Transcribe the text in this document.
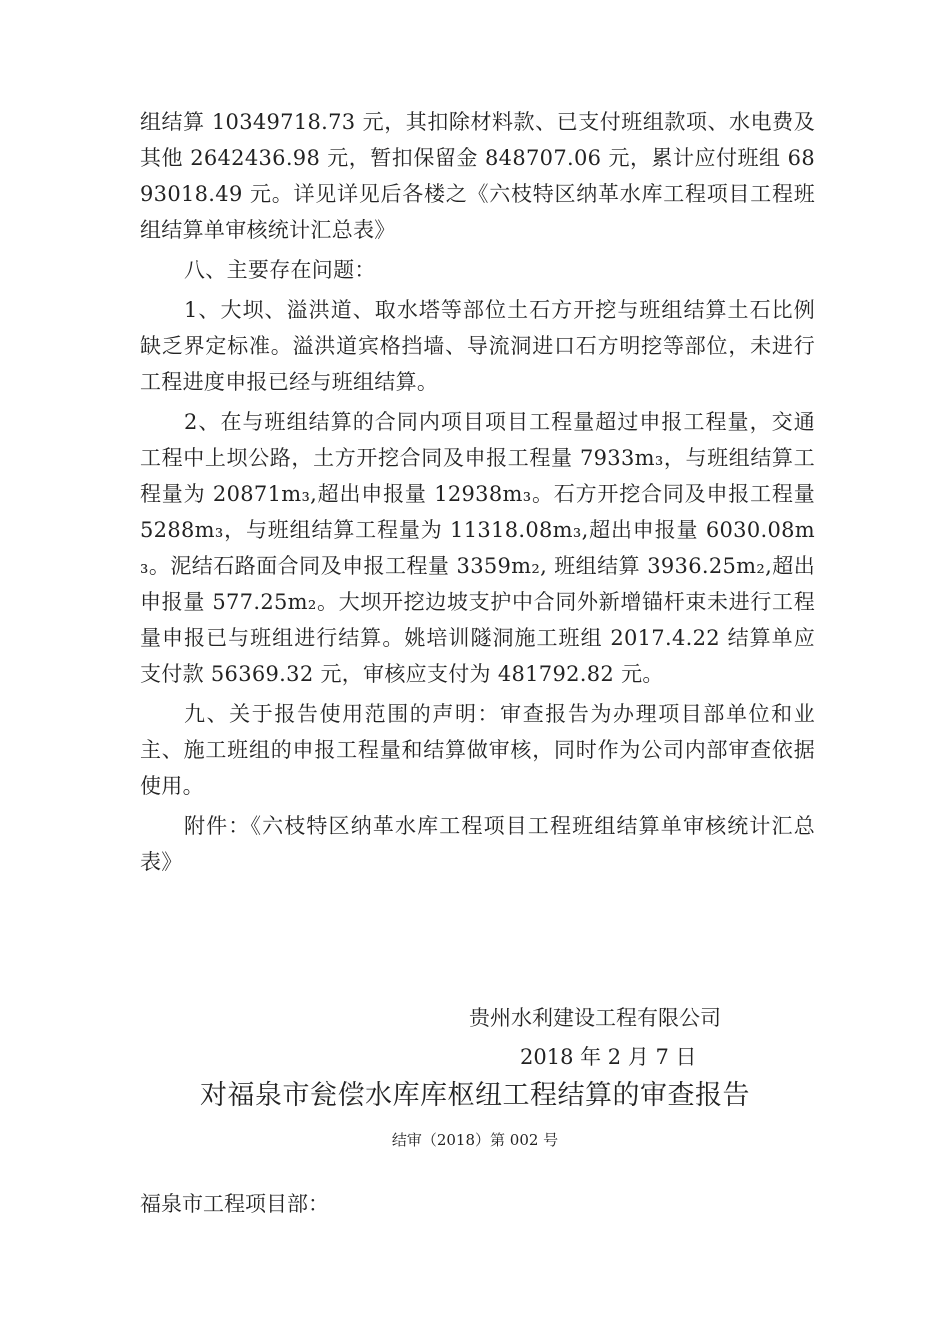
组结算 10349718.73 元，其扣除材料款、已支付班组款项、水电费及其他 2642436.98 元，暂扣保留金 848707.06 元，累计应付班组 6893018.49 元。详见详见后各楼之《六枝特区纳革水库工程项目工程班组结算单审核统计汇总表》

八、主要存在问题：

1、大坝、溢洪道、取水塔等部位土石方开挖与班组结算土石比例缺乏界定标准。溢洪道宾格挡墙、导流洞进口石方明挖等部位，未进行工程进度申报已经与班组结算。

2、在与班组结算的合同内项目项目工程量超过申报工程量，交通工程中上坝公路，土方开挖合同及申报工程量 7933m₃，与班组结算工程量为 20871m₃,超出申报量 12938m₃。石方开挖合同及申报工程量 5288m₃，与班组结算工程量为 11318.08m₃,超出申报量 6030.08m₃。泥结石路面合同及申报工程量 3359m₂, 班组结算 3936.25m₂,超出申报量 577.25m₂。大坝开挖边坡支护中合同外新增锚杆束未进行工程量申报已与班组进行结算。姚培训隧洞施工班组 2017.4.22 结算单应支付款 56369.32 元，审核应支付为 481792.82 元。

九、关于报告使用范围的声明：审查报告为办理项目部单位和业主、施工班组的申报工程量和结算做审核，同时作为公司内部审查依据使用。

附件：《六枝特区纳革水库工程项目工程班组结算单审核统计汇总表》

贵州水利建设工程有限公司
2018 年 2 月 7 日
对福泉市瓮偿水库库枢纽工程结算的审查报告
结审（2018）第 002 号
福泉市工程项目部：
